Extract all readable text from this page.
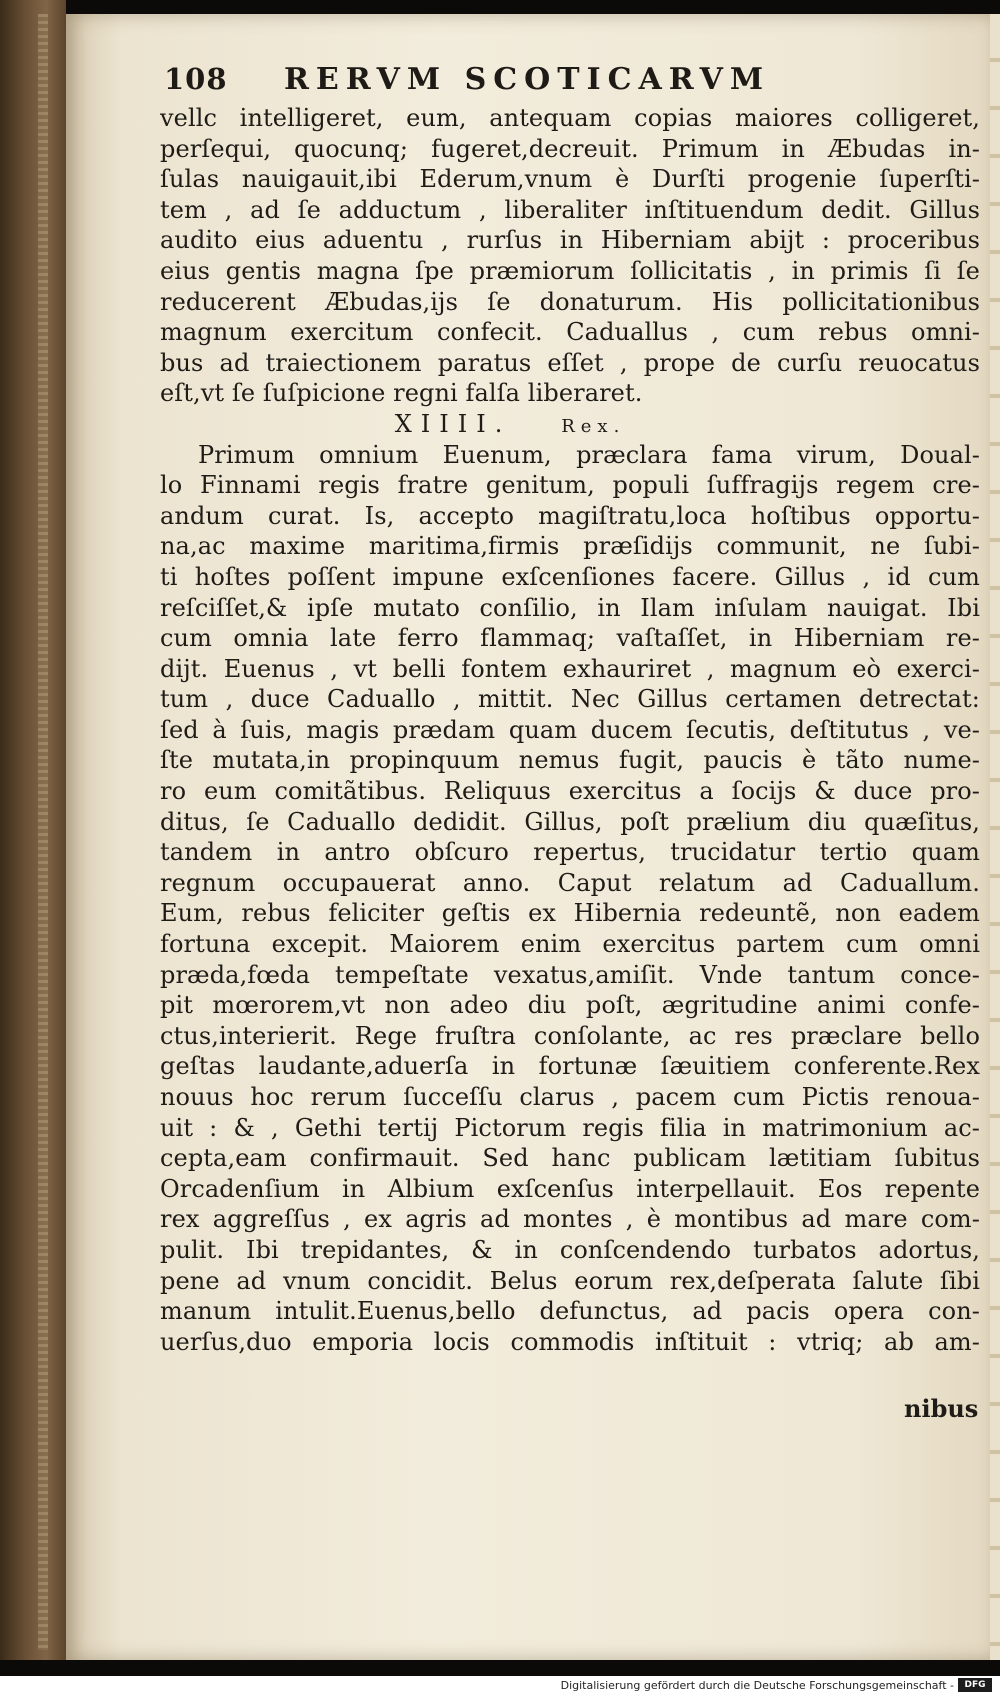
108	RERVM SCOTICARVM
vellc intelligeret, eum, antequam copias maiores colligeret,
perſequi, quocunq; fugeret,decreuit. Primum in Æbudas in-
ſulas nauigauit,ibi Ederum,vnum è Durſti progenie ſuperſti-
tem , ad ſe adductum , liberaliter inſtituendum dedit. Gillus
audito eius aduentu , rurſus in Hiberniam abijt : proceribus
eius gentis magna ſpe præmiorum ſollicitatis , in primis ſi ſe
reducerent Æbudas,ijs ſe donaturum. His pollicitationibus
magnum exercitum confecit. Caduallus , cum rebus omni-
bus ad traiectionem paratus eſſet , prope de curſu reuocatus
eſt,vt ſe ſuſpicione regni falſa liberaret.
XIIII.	Rex.
Primum omnium Euenum, præclara fama virum, Doual-
lo Finnami regis fratre genitum, populi ſuffragijs regem cre-
andum curat. Is, accepto magiſtratu,loca hoſtibus opportu-
na,ac maxime maritima,firmis præſidijs communit, ne ſubi-
ti hoſtes poſſent impune exſcenſiones facere. Gillus , id cum
reſciſſet,& ipſe mutato conſilio, in Ilam inſulam nauigat. Ibi
cum omnia late ferro flammaq; vaſtaſſet, in Hiberniam re-
dijt. Euenus , vt belli fontem exhauriret , magnum eò exerci-
tum , duce Caduallo , mittit. Nec Gillus certamen detrectat:
ſed à ſuis, magis prædam quam ducem ſecutis, deſtitutus , ve-
ſte mutata,in propinquum nemus fugit, paucis è tãto nume-
ro eum comitãtibus. Reliquus exercitus a ſocijs & duce pro-
ditus, ſe Caduallo dedidit. Gillus, poſt prælium diu quæſitus,
tandem in antro obſcuro repertus, trucidatur tertio quam
regnum occupauerat anno. Caput relatum ad Caduallum.
Eum, rebus feliciter geſtis ex Hibernia redeuntẽ, non eadem
fortuna excepit. Maiorem enim exercitus partem cum omni
præda,fœda tempeſtate vexatus,amiſit. Vnde tantum conce-
pit mœrorem,vt non adeo diu poſt, ægritudine animi confe-
ctus,interierit. Rege fruſtra conſolante, ac res præclare bello
geſtas laudante,aduerſa in fortunæ ſæuitiem conferente.Rex
nouus hoc rerum ſucceſſu clarus , pacem cum Pictis renoua-
uit : & , Gethi tertij Pictorum regis filia in matrimonium ac-
cepta,eam confirmauit. Sed hanc publicam lætitiam ſubitus
Orcadenſium in Albium exſcenſus interpellauit. Eos repente
rex aggreſſus , ex agris ad montes , è montibus ad mare com-
pulit. Ibi trepidantes, & in conſcendendo turbatos adortus,
pene ad vnum concidit. Belus eorum rex,deſperata ſalute ſibi
manum intulit.Euenus,bello defunctus, ad pacis opera con-
uerſus,duo emporia locis commodis inſtituit : vtriq; ab am-
nibus
Digitalisierung gefördert durch die Deutsche Forschungsgemeinschaft -	DFG
